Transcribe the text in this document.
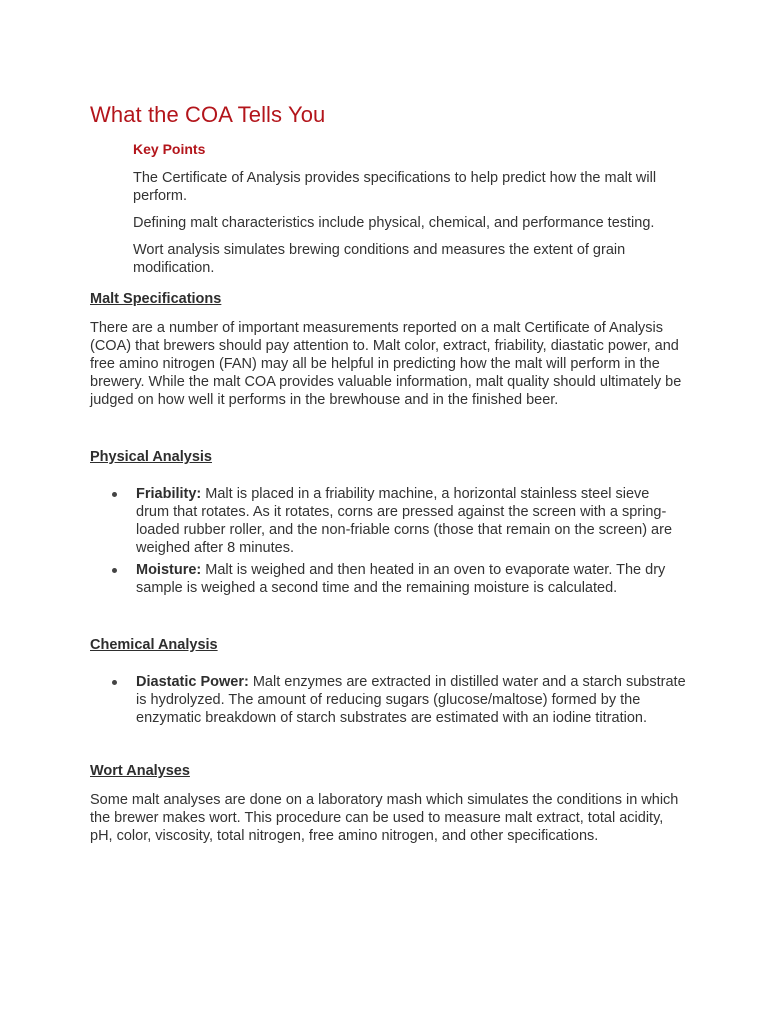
What the COA Tells You
Key Points

The Certificate of Analysis provides specifications to help predict how the malt will perform.

Defining malt characteristics include physical, chemical, and performance testing.

Wort analysis simulates brewing conditions and measures the extent of grain modification.

Malt Specifications

There are a number of important measurements reported on a malt Certificate of Analysis (COA) that brewers should pay attention to. Malt color, extract, friability, diastatic power, and free amino nitrogen (FAN) may all be helpful in predicting how the malt will perform in the brewery. While the malt COA provides valuable information, malt quality should ultimately be judged on how well it performs in the brewhouse and in the finished beer.

Physical Analysis
Friability: Malt is placed in a friability machine, a horizontal stainless steel sieve drum that rotates. As it rotates, corns are pressed against the screen with a spring-loaded rubber roller, and the non-friable corns (those that remain on the screen) are weighed after 8 minutes.
Moisture: Malt is weighed and then heated in an oven to evaporate water. The dry sample is weighed a second time and the remaining moisture is calculated.
Chemical Analysis
Diastatic Power: Malt enzymes are extracted in distilled water and a starch substrate is hydrolyzed. The amount of reducing sugars (glucose/maltose) formed by the enzymatic breakdown of starch substrates are estimated with an iodine titration.
Wort Analyses

Some malt analyses are done on a laboratory mash which simulates the conditions in which the brewer makes wort. This procedure can be used to measure malt extract, total acidity, pH, color, viscosity, total nitrogen, free amino nitrogen, and other specifications.
